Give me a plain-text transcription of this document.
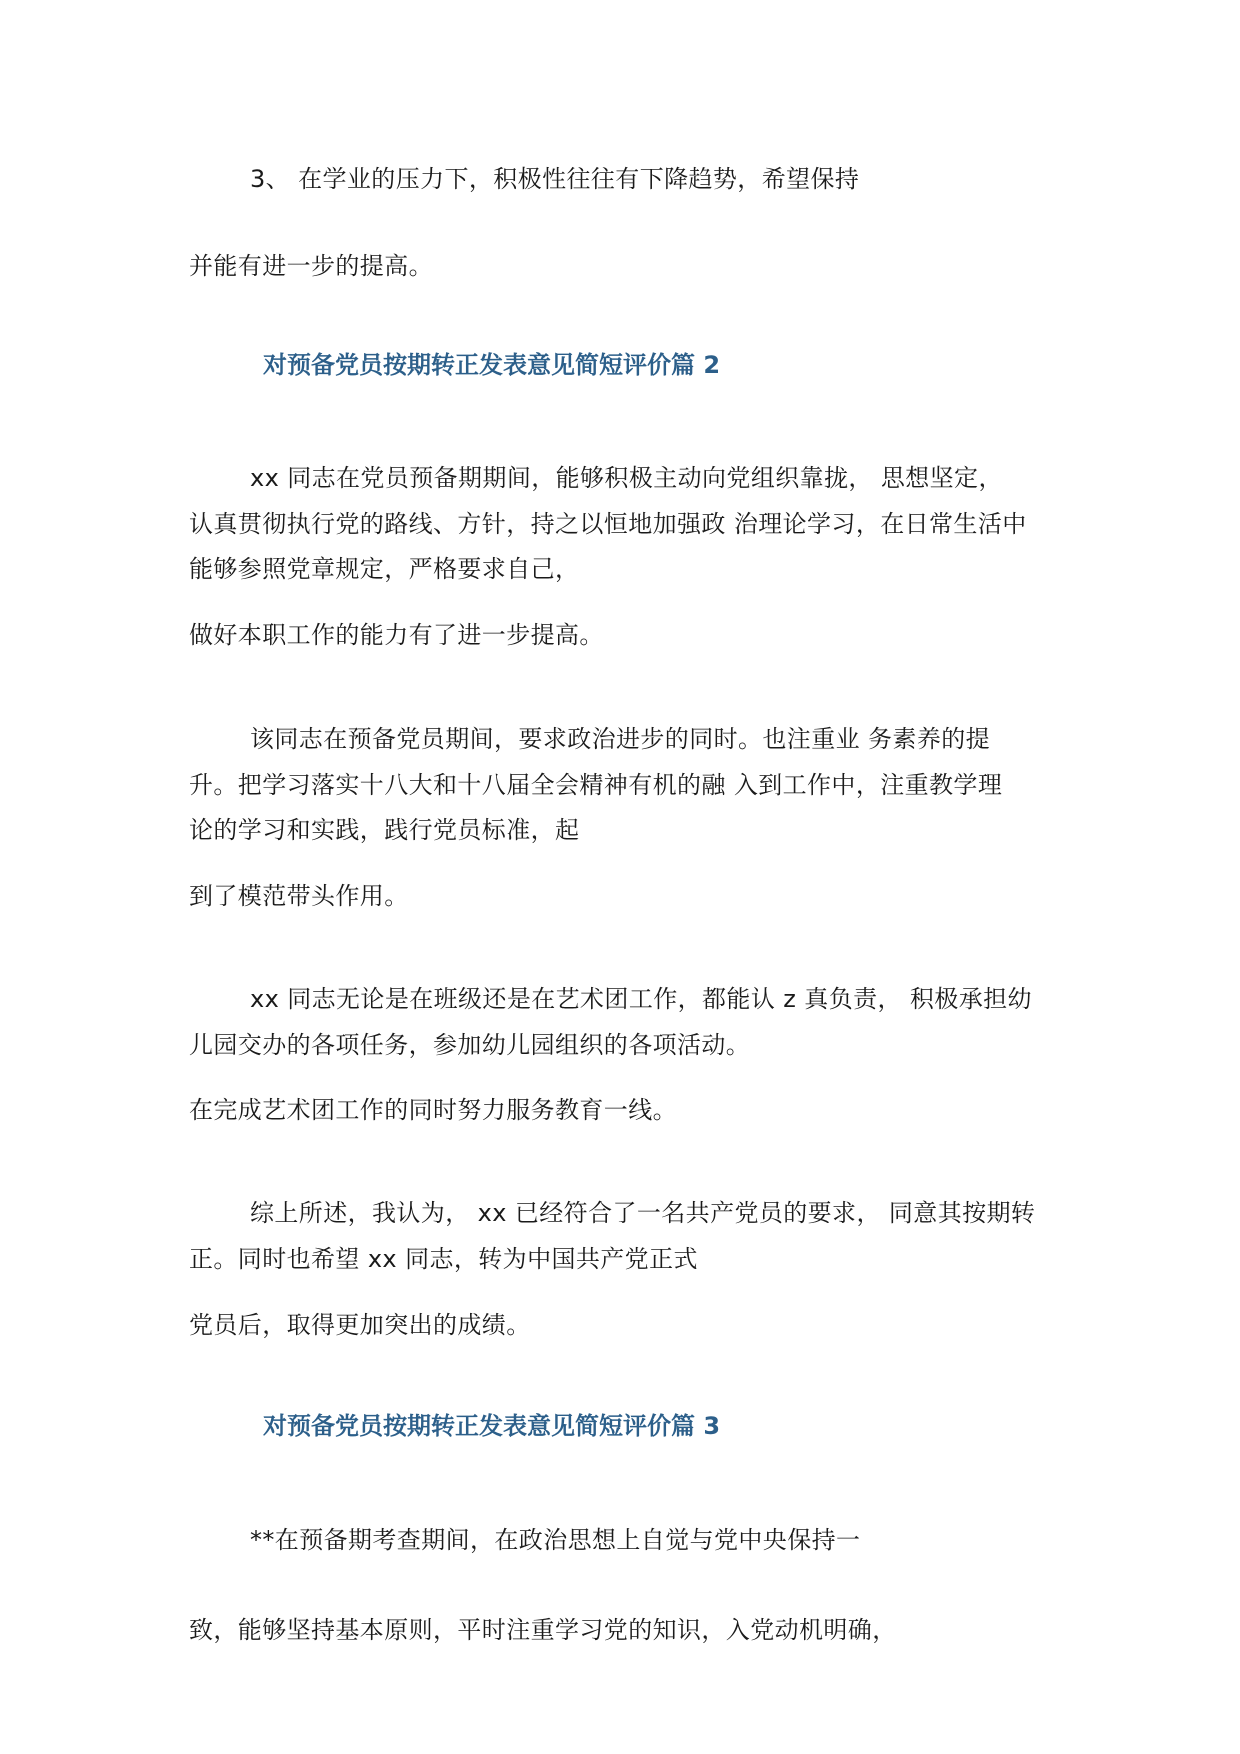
3、 在学业的压力下，积极性往往有下降趋势，希望保持
并能有进一步的提高。
对预备党员按期转正发表意见简短评价篇 2
xx 同志在党员预备期期间，能够积极主动向党组织靠拢， 思想坚定，
认真贯彻执行党的路线、方针，持之以恒地加强政 治理论学习，在日常生活中
能够参照党章规定，严格要求自己，
做好本职工作的能力有了进一步提高。
该同志在预备党员期间，要求政治进步的同时。也注重业 务素养的提
升。把学习落实十八大和十八届全会精神有机的融 入到工作中，注重教学理
论的学习和实践，践行党员标准，起
到了模范带头作用。
xx 同志无论是在班级还是在艺术团工作，都能认 z 真负责， 积极承担幼
儿园交办的各项任务，参加幼儿园组织的各项活动。
在完成艺术团工作的同时努力服务教育一线。
综上所述，我认为， xx 已经符合了一名共产党员的要求， 同意其按期转
正。同时也希望 xx 同志，转为中国共产党正式
党员后，取得更加突出的成绩。
对预备党员按期转正发表意见简短评价篇 3
**在预备期考查期间，在政治思想上自觉与党中央保持一
致，能够坚持基本原则，平时注重学习党的知识，入党动机明确，
